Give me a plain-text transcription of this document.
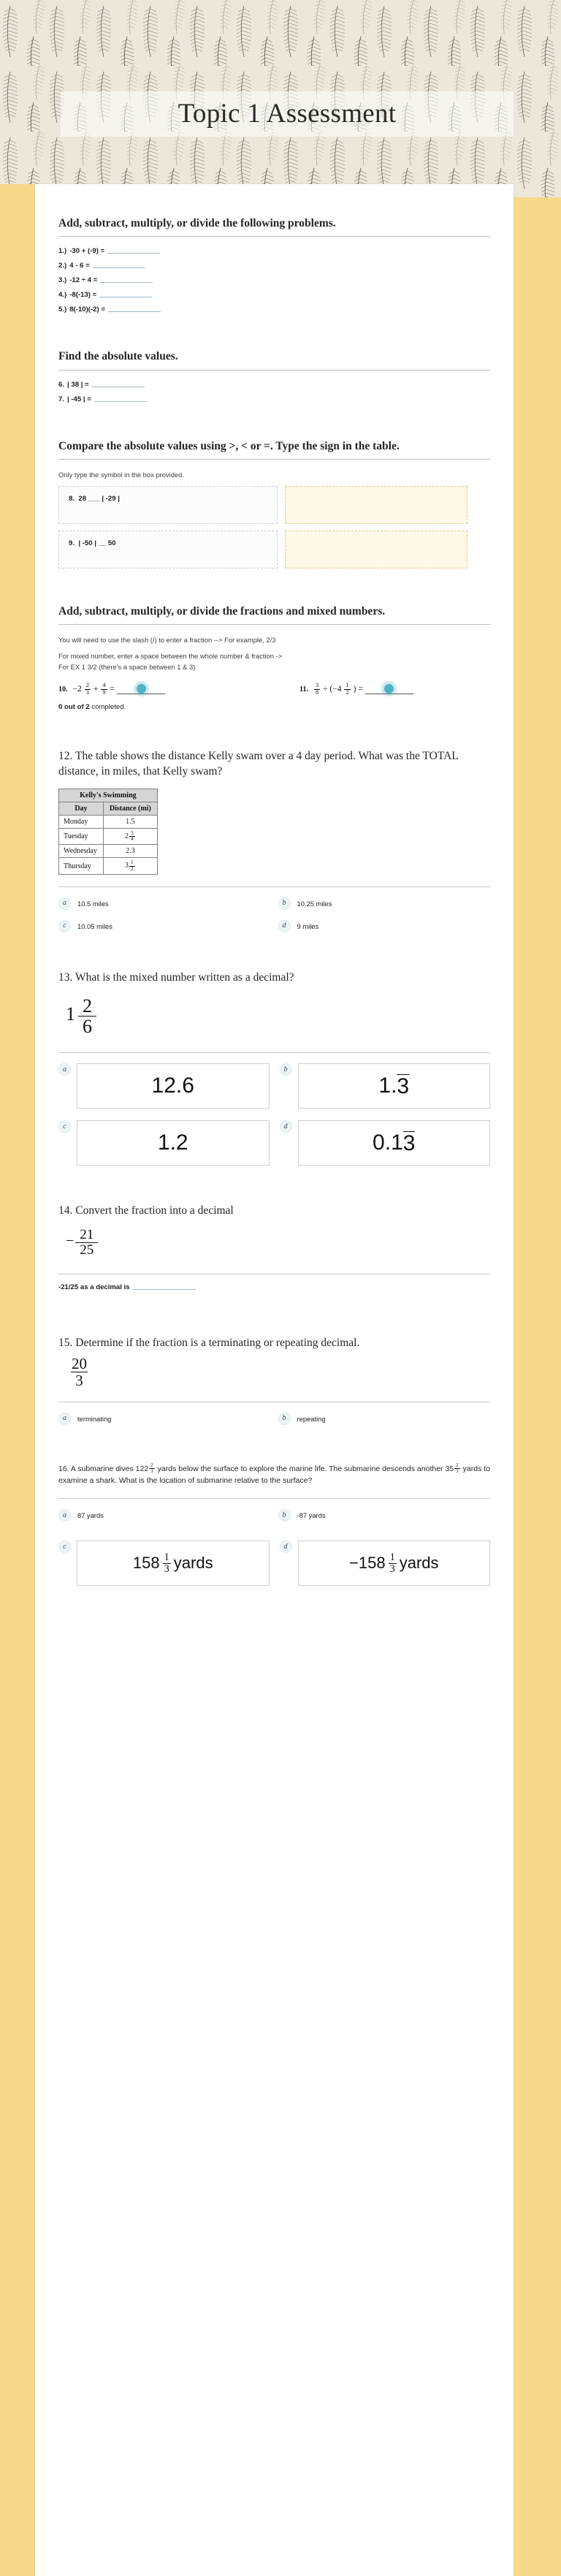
Topic 1 Assessment
Add, subtract, multiply, or divide the following problems.
1.) -30 + (-9) =
2.) 4 - 6 =
3.) -12 ÷ 4 =
4.) -8(-13) =
5.) 8(-10)(-2) =
Find the absolute values.
6. | 38 | =
7. | -45 | =
Compare the absolute values using >, < or =. Type the sign in the table.

Only type the symbol in the box provided.

8. 28 ___ | -29 |
9. | -50 | __ 50
Add, subtract, multiply, or divide the fractions and mixed numbers.

You will need to use the slash (/) to enter a fraction --> For example, 2/3

For mixed number, enter a space between the whole number & fraction ->

For EX 1 3/2 (there's a space between 1 & 3)

10. $-2 \frac{2}{3} + \frac{4}{9}$ =	11. $\frac{3}{8} \div (-4 \frac{1}{2}$ ) =

0 out of 2 completed.

12. The table shows the distance Kelly swam over a 4 day period. What was the TOTAL distance, in miles, that Kelly swam?

Kelly's Swimming	
Day	Distance (mi)
Monday	1.5
Tuesday	$2 \frac{3}{4}$

Wednesday	2.3
Thursday	$3 \frac{1}{2}$
a	10.5 miles	b	10.25 miles
c	10.05 miles	d	9 miles

13. What is the mixed number written as a decimal?

$1 \frac{2}{6}$
a
12.6
b
1. 3
c
1.2
d
0.1 3

14. Convert the fraction into a decimal

− $\frac{21}{25}$
-21/25 as a decimal is

15. Determine if the fraction is a terminating or repeating decimal.

$\frac{20}{3}$
a	terminating	b	repeating

16. A submarine dives $122 \frac{2}{3}$ yards below the surface to explore the marine life. The submarine descends another $35 \frac{2}{3}$ yards to examine a shark. What is the location of submarine relative to the surface?

a	87 yards	b	-87 yards
c
$158 \frac{1}{3}$ yards
d
− $158 \frac{1}{3}$ yards
